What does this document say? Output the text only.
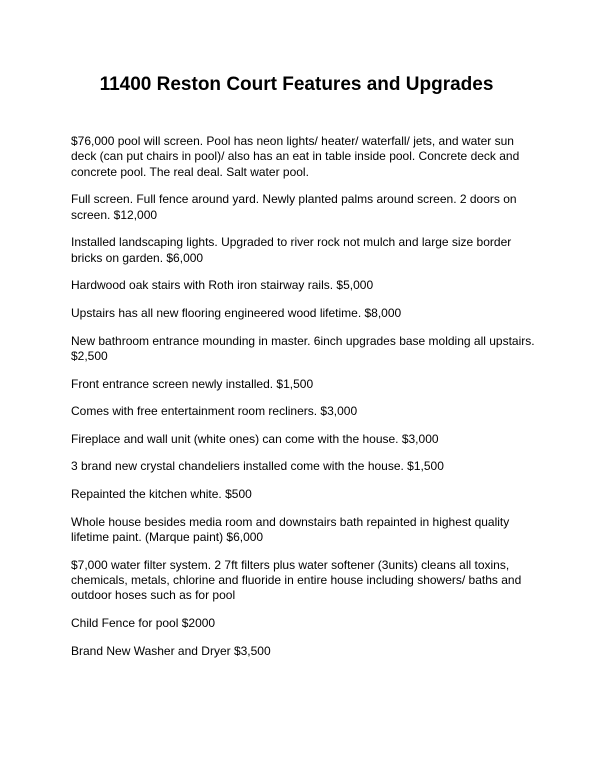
11400 Reston Court Features and Upgrades
$76,000 pool will screen. Pool has neon lights/ heater/ waterfall/ jets, and water sun
deck (can put chairs in pool)/ also has an eat in table inside pool. Concrete deck and
concrete pool. The real deal. Salt water pool.
Full screen. Full fence around yard. Newly planted palms around screen. 2 doors on
screen. $12,000
Installed landscaping lights. Upgraded to river rock not mulch and large size border
bricks on garden. $6,000
Hardwood oak stairs with Roth iron stairway rails. $5,000
Upstairs has all new flooring engineered wood lifetime. $8,000
New bathroom entrance mounding in master. 6inch upgrades base molding all upstairs.
$2,500
Front entrance screen newly installed. $1,500
Comes with free entertainment room recliners. $3,000
Fireplace and wall unit (white ones) can come with the house. $3,000
3 brand new crystal chandeliers installed come with the house. $1,500
Repainted the kitchen white. $500
Whole house besides media room and downstairs bath repainted in highest quality
lifetime paint. (Marque paint) $6,000
$7,000 water filter system. 2 7ft filters plus water softener (3units) cleans all toxins,
chemicals, metals, chlorine and fluoride in entire house including showers/ baths and
outdoor hoses such as for pool
Child Fence for pool $2000
Brand New Washer and Dryer $3,500
